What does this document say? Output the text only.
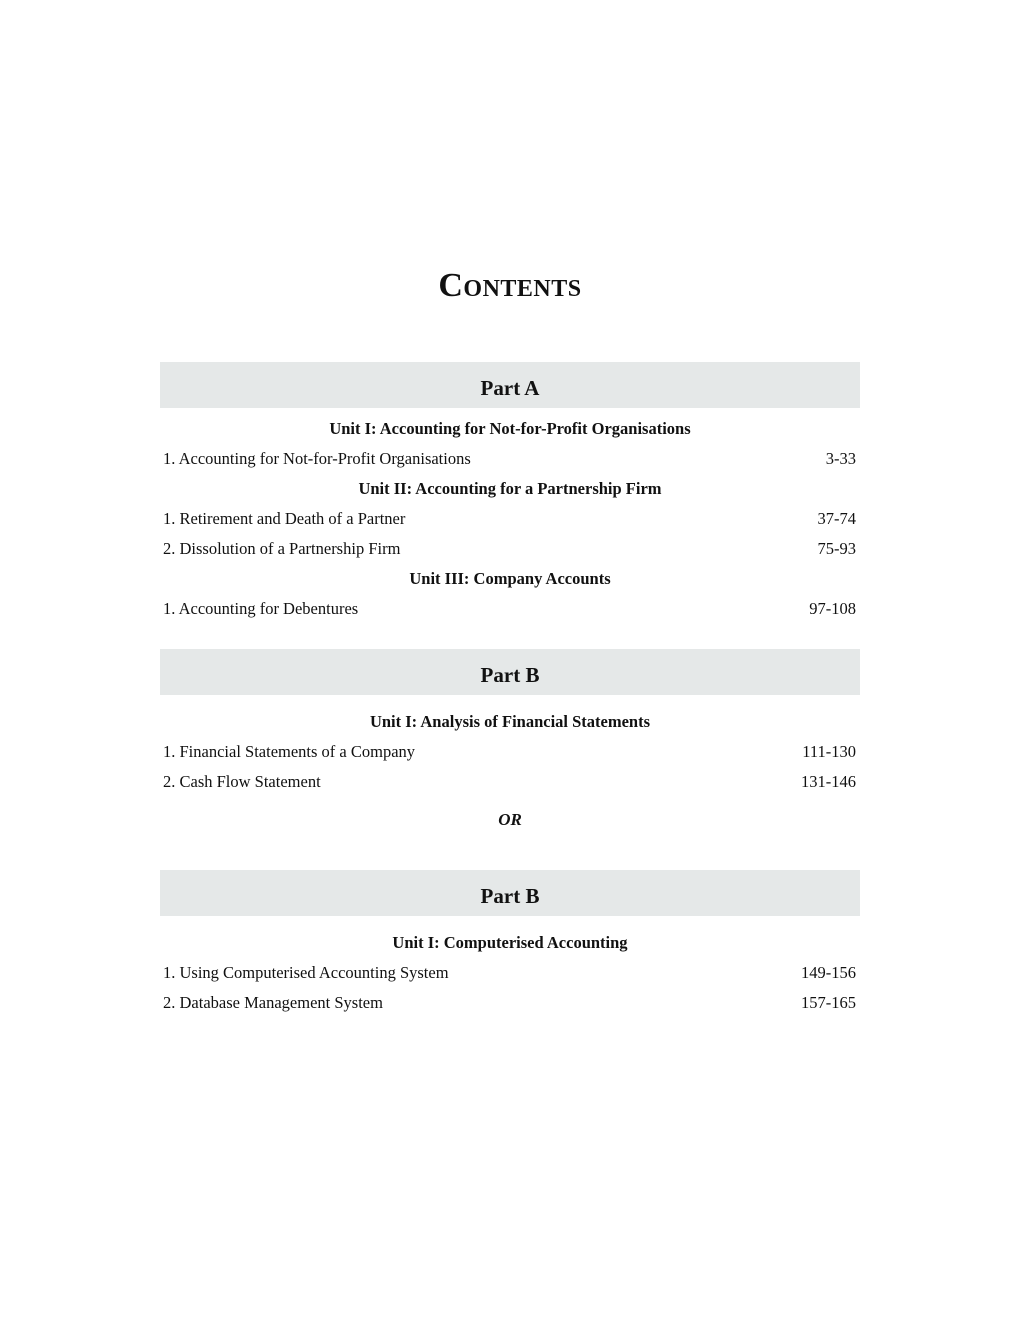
Contents
Part A
Unit I: Accounting for Not-for-Profit Organisations
1. Accounting for Not-for-Profit Organisations	3-33
Unit II: Accounting for a Partnership Firm
1. Retirement and Death of a Partner	37-74
2. Dissolution of a Partnership Firm	75-93
Unit III: Company Accounts
1. Accounting for Debentures	97-108
Part B
Unit I: Analysis of Financial Statements
1. Financial Statements of a Company	111-130
2. Cash Flow Statement	131-146
OR
Part B
Unit I: Computerised Accounting
1. Using Computerised Accounting System	149-156
2. Database Management System	157-165
